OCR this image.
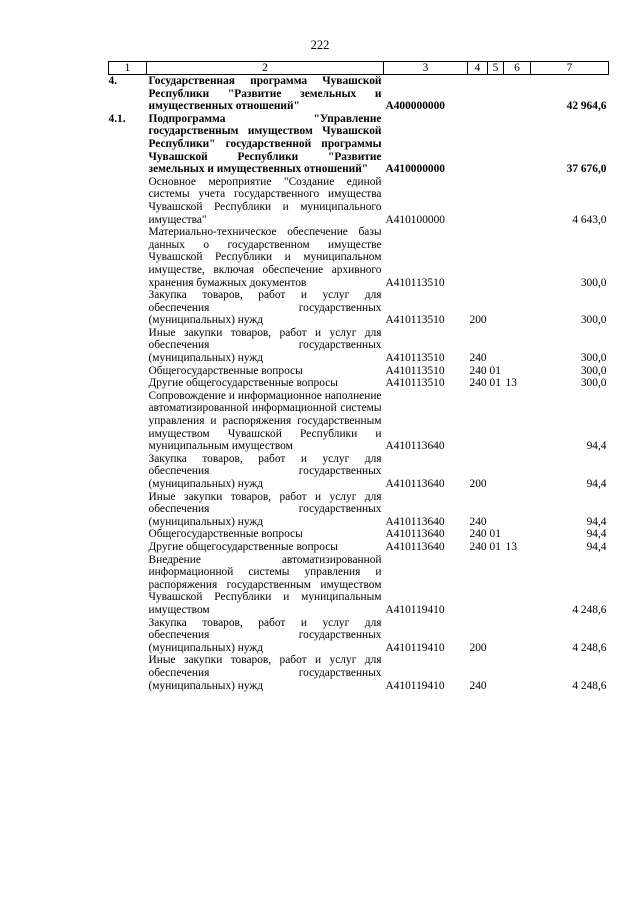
222
1	2	3	4	5	6	7
4.	Государственная программа Чувашской Республики "Развитие земельных и имущественных отношений"	A400000000				42 964,6
4.1.	Подпрограмма "Управление государственным имуществом Чувашской Республики" государственной программы Чувашской Республики "Развитие земельных и имущественных отношений"	A410000000				37 676,0
	Основное мероприятие "Создание единой системы учета государственного имущества Чувашской Республики и муниципального имущества"	A410100000				4 643,0
	Материально-техническое обеспечение базы данных о государственном имуществе Чувашской Республики и муниципальном имуществе, включая обеспечение архивного хранения бумажных документов	A410113510				300,0
	Закупка товаров, работ и услуг для обеспечения государственных (муниципальных) нужд	A410113510	200			300,0
	Иные закупки товаров, работ и услуг для обеспечения государственных (муниципальных) нужд	A410113510	240			300,0
	Общегосударственные вопросы	A410113510	240	01		300,0
	Другие общегосударственные вопросы	A410113510	240	01	13	300,0
	Сопровождение и информационное наполнение автоматизированной информационной системы управления и распоряжения государственным имуществом Чувашской Республики и муниципальным имуществом	A410113640				94,4
	Закупка товаров, работ и услуг для обеспечения государственных (муниципальных) нужд	A410113640	200			94,4
	Иные закупки товаров, работ и услуг для обеспечения государственных (муниципальных) нужд	A410113640	240			94,4
	Общегосударственные вопросы	A410113640	240	01		94,4
	Другие общегосударственные вопросы	A410113640	240	01	13	94,4
	Внедрение автоматизированной информационной системы управления и распоряжения государственным имуществом Чувашской Республики и муниципальным имуществом	A410119410				4 248,6
	Закупка товаров, работ и услуг для обеспечения государственных (муниципальных) нужд	A410119410	200			4 248,6
	Иные закупки товаров, работ и услуг для обеспечения государственных (муниципальных) нужд	A410119410	240			4 248,6
